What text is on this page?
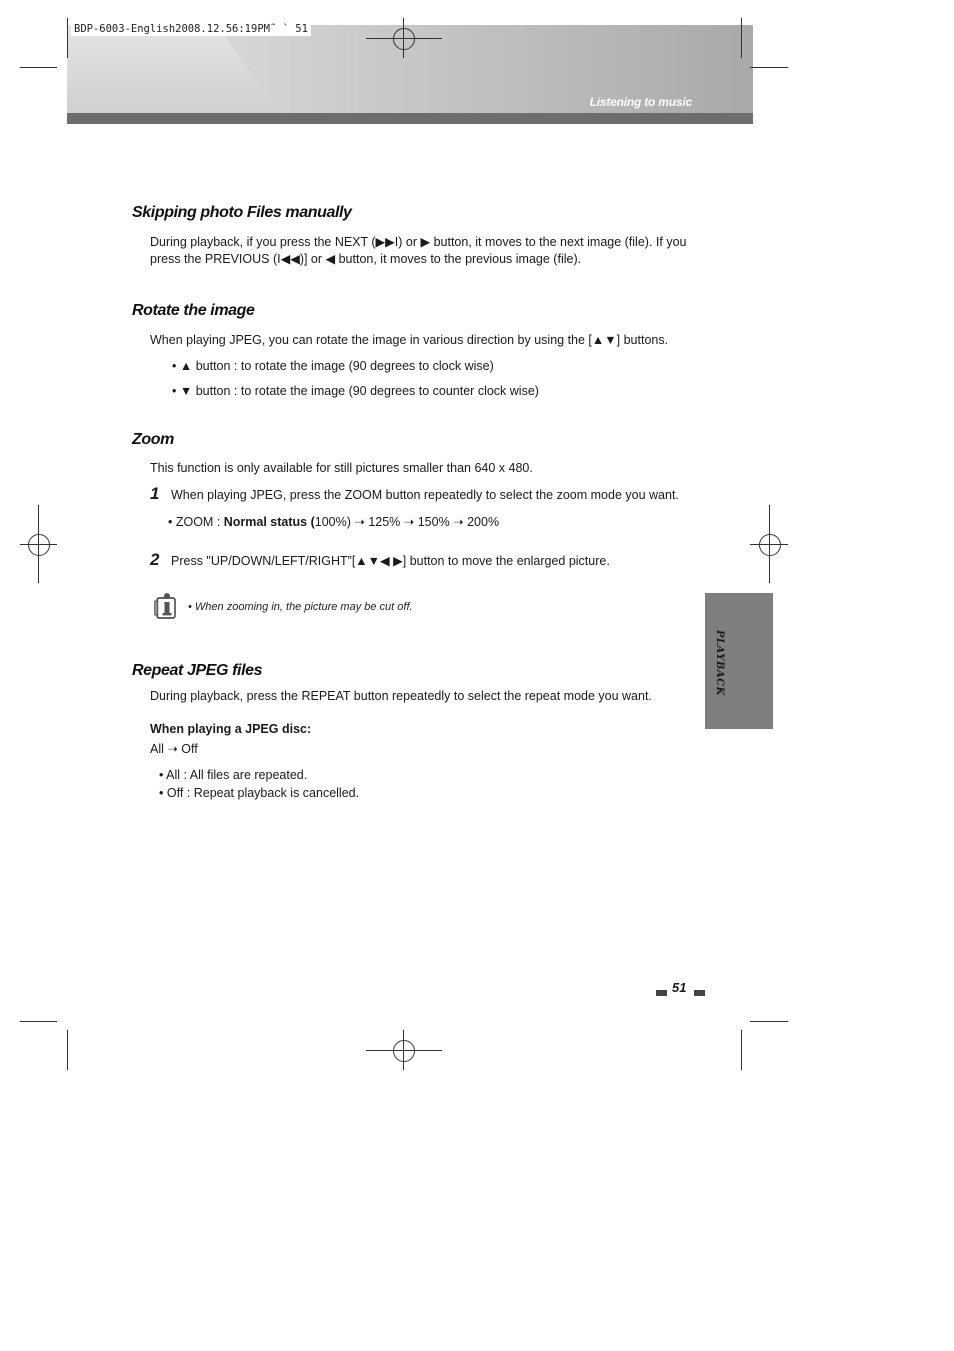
Listening to music
BDP-6003-English2008.12.56:19PM˜ ` 51
Skipping photo Files manually
During playback, if you press the NEXT (▶▶I) or ▶ button, it moves to the next image (file). If you
press the PREVIOUS (I◀◀)] or ◀ button, it moves to the previous image (file).
Rotate the image
When playing JPEG, you can rotate the image in various direction by using the [▲▼] buttons.
• ▲ button : to rotate the image (90 degrees to clock wise)
• ▼ button : to rotate the image (90 degrees to counter clock wise)
Zoom
This function is only available for still pictures smaller than 640 x 480.
1 When playing JPEG, press the ZOOM button repeatedly to select the zoom mode you want.
• ZOOM : Normal status (100%) ➝ 125% ➝ 150% ➝ 200%
2 Press "UP/DOWN/LEFT/RIGHT”[▲▼◀ ▶] button to move the enlarged picture.
• When zooming in, the picture may be cut off.
Repeat JPEG files
During playback, press the REPEAT button repeatedly to select the repeat mode you want.
When playing a JPEG disc:
All ➝ Off
• All : All files are repeated.
• Off : Repeat playback is cancelled.
PLAYBACK
51
